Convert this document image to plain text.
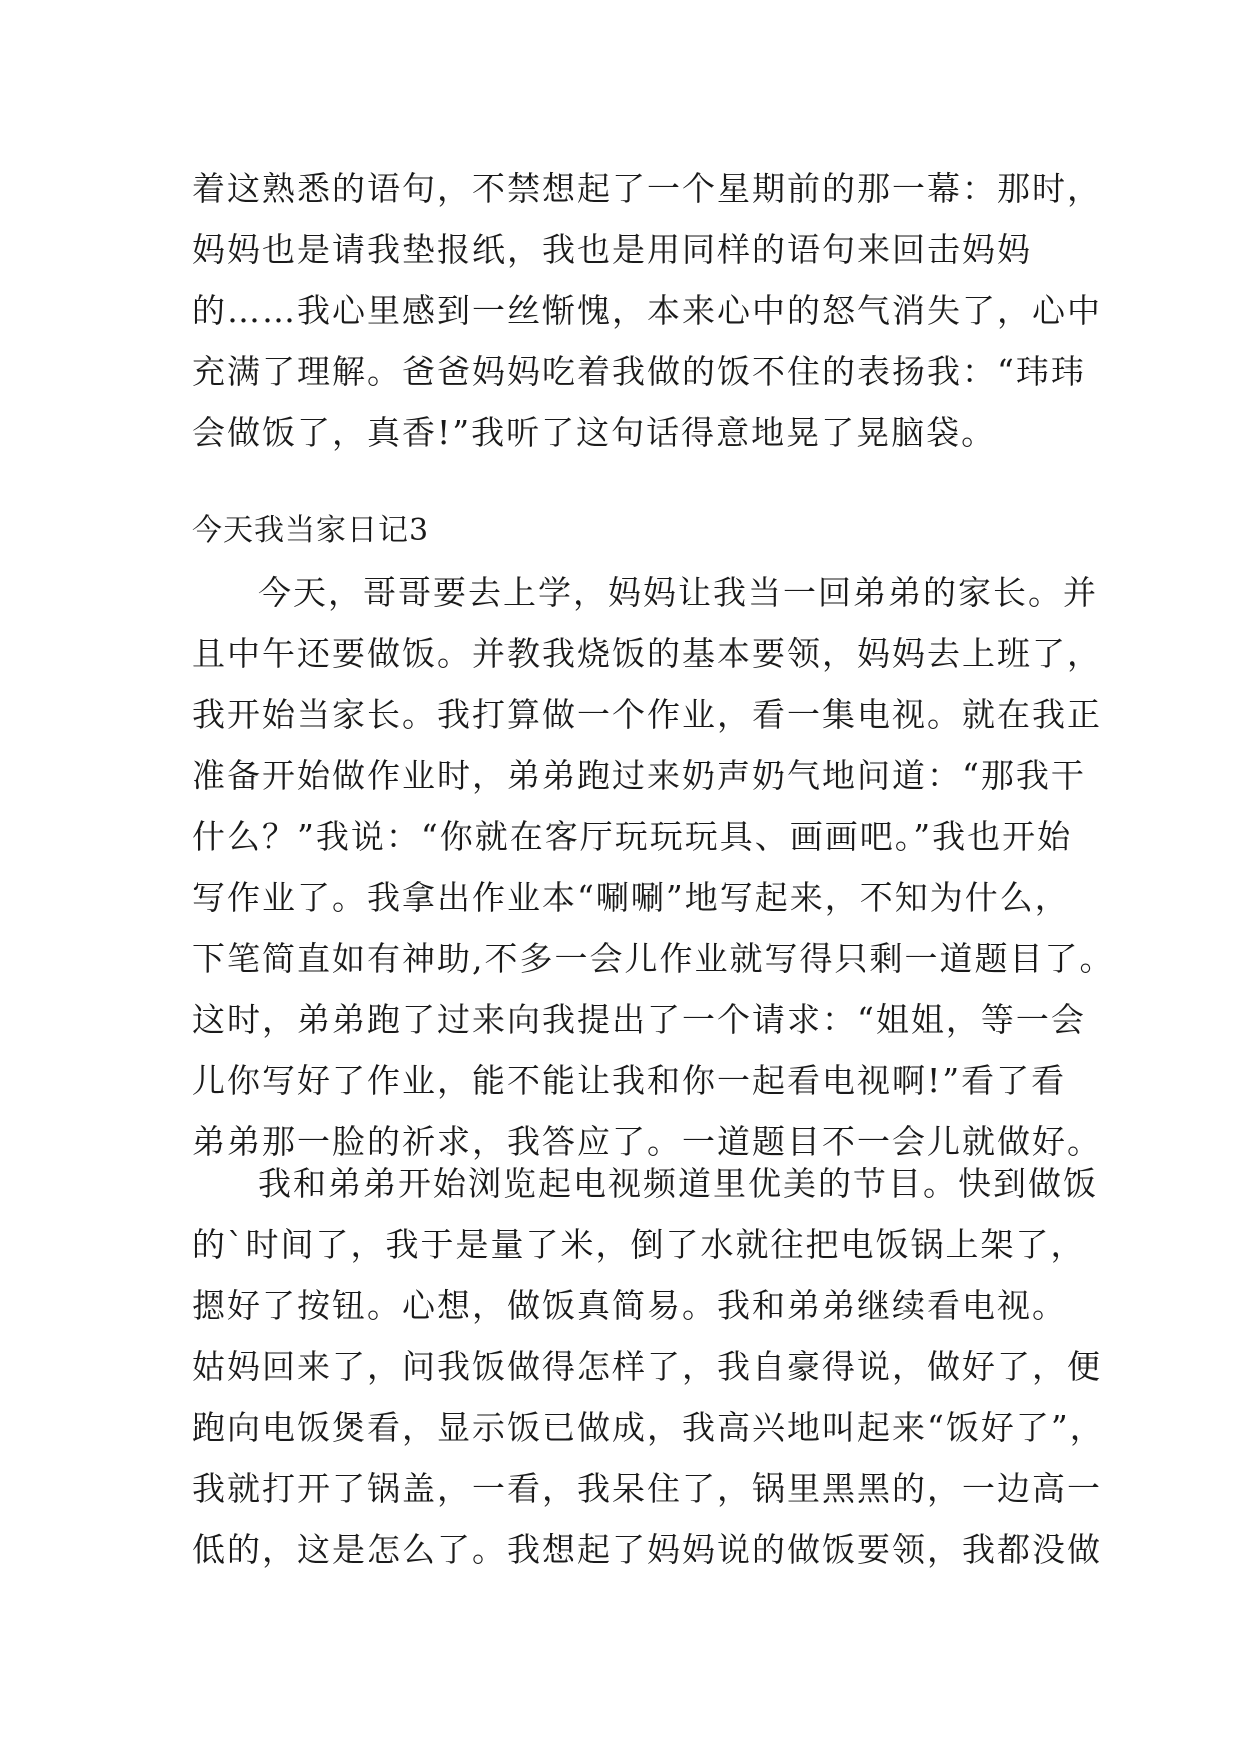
着这熟悉的语句，不禁想起了一个星期前的那一幕：那时，
妈妈也是请我垫报纸，我也是用同样的语句来回击妈妈
的……我心里感到一丝惭愧，本来心中的怒气消失了，心中
充满了理解。爸爸妈妈吃着我做的饭不住的表扬我：“玮玮
会做饭了，真香!”我听了这句话得意地晃了晃脑袋。
今天我当家日记3
今天，哥哥要去上学，妈妈让我当一回弟弟的家长。并
且中午还要做饭。并教我烧饭的基本要领，妈妈去上班了，
我开始当家长。我打算做一个作业，看一集电视。就在我正
准备开始做作业时，弟弟跑过来奶声奶气地问道：“那我干
什么？”我说：“你就在客厅玩玩玩具、画画吧。”我也开始
写作业了。我拿出作业本“唰唰”地写起来，不知为什么，
下笔简直如有神助,不多一会儿作业就写得只剩一道题目了。
这时，弟弟跑了过来向我提出了一个请求：“姐姐，等一会
儿你写好了作业，能不能让我和你一起看电视啊!”看了看
弟弟那一脸的祈求，我答应了。一道题目不一会儿就做好。
我和弟弟开始浏览起电视频道里优美的节目。快到做饭
的`时间了，我于是量了米，倒了水就往把电饭锅上架了，
摁好了按钮。心想，做饭真简易。我和弟弟继续看电视。
姑妈回来了，问我饭做得怎样了，我自豪得说，做好了，便
跑向电饭煲看，显示饭已做成，我高兴地叫起来“饭好了”，
我就打开了锅盖，一看，我呆住了，锅里黑黑的，一边高一
低的，这是怎么了。我想起了妈妈说的做饭要领，我都没做
